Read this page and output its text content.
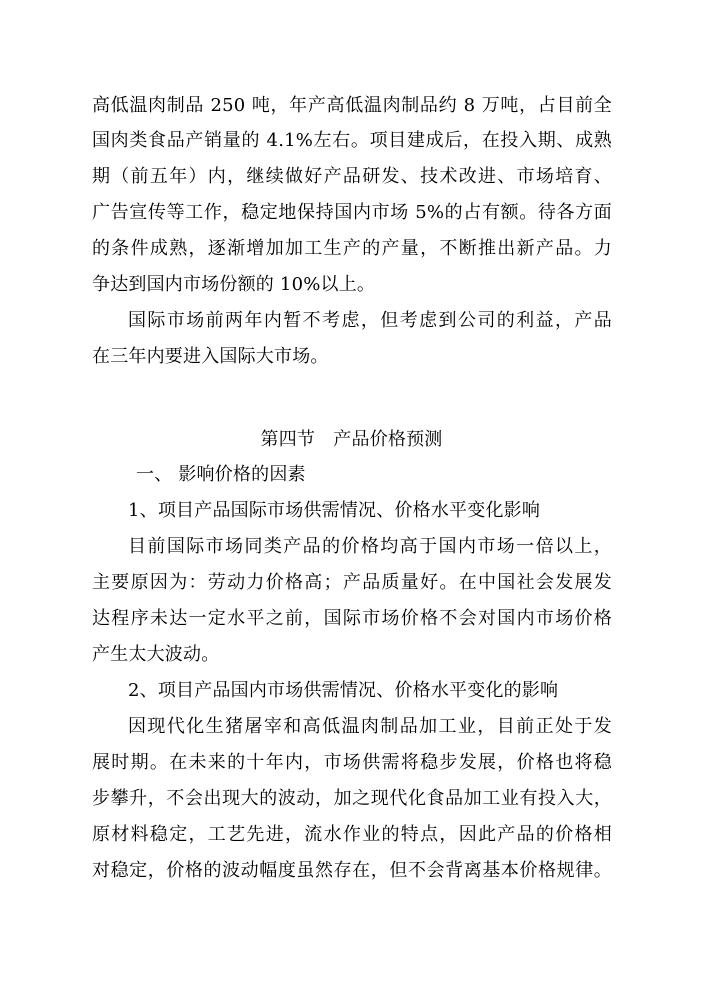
高低温肉制品 250 吨，年产高低温肉制品约 8 万吨，占目前全
国肉类食品产销量的 4.1%左右。项目建成后，在投入期、成熟
期（前五年）内，继续做好产品研发、技术改进、市场培育、
广告宣传等工作，稳定地保持国内市场 5%的占有额。待各方面
的条件成熟，逐渐增加加工生产的产量，不断推出新产品。力
争达到国内市场份额的 10%以上。
国际市场前两年内暂不考虑，但考虑到公司的利益，产品
在三年内要进入国际大市场。
第四节　产品价格预测
一、 影响价格的因素
1、项目产品国际市场供需情况、价格水平变化影响
目前国际市场同类产品的价格均高于国内市场一倍以上，
主要原因为：劳动力价格高；产品质量好。在中国社会发展发
达程序未达一定水平之前，国际市场价格不会对国内市场价格
产生太大波动。
2、项目产品国内市场供需情况、价格水平变化的影响
因现代化生猪屠宰和高低温肉制品加工业，目前正处于发
展时期。在未来的十年内，市场供需将稳步发展，价格也将稳
步攀升，不会出现大的波动，加之现代化食品加工业有投入大，
原材料稳定，工艺先进，流水作业的特点，因此产品的价格相
对稳定，价格的波动幅度虽然存在，但不会背离基本价格规律。
